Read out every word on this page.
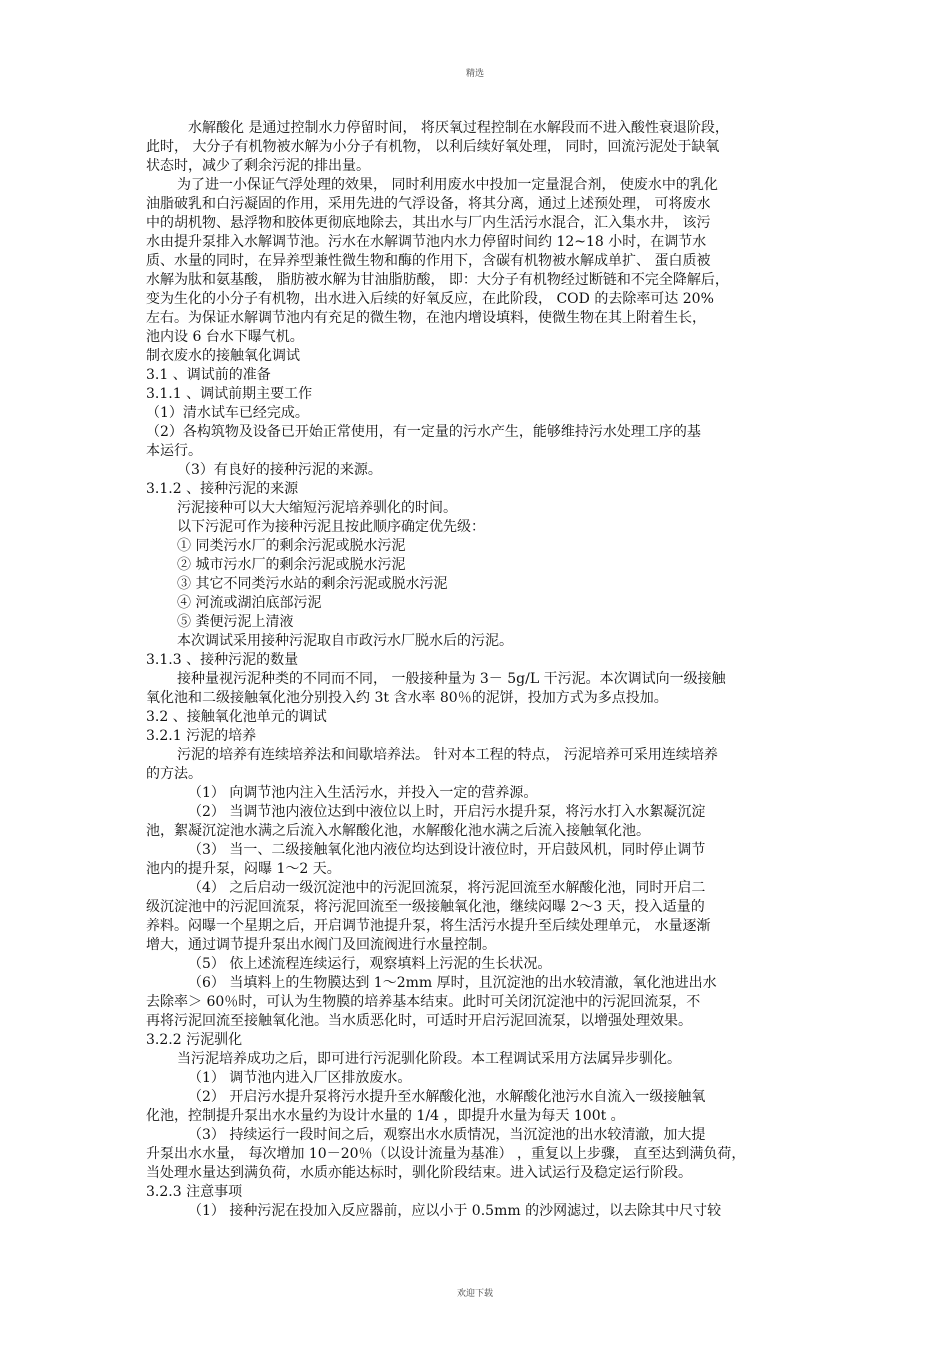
精选
水解酸化 是通过控制水力停留时间， 将厌氧过程控制在水解段而不进入酸性衰退阶段，
此时， 大分子有机物被水解为小分子有机物， 以利后续好氧处理， 同时，回流污泥处于缺氧
状态时，减少了剩余污泥的排出量。
为了进一小保证气浮处理的效果， 同时利用废水中投加一定量混合剂， 使废水中的乳化
油脂破乳和白污凝固的作用，采用先进的气浮设备，将其分离，通过上述预处理， 可将废水
中的胡机物、悬浮物和胶体更彻底地除去，其出水与厂内生活污水混合，汇入集水井， 该污
水由提升泵排入水解调节池。污水在水解调节池内水力停留时间约 12~18 小时，在调节水
质、水量的同时，在异养型兼性微生物和酶的作用下，含碳有机物被水解成单扩、 蛋白质被
水解为肽和氨基酸， 脂肪被水解为甘油脂肪酸， 即：大分子有机物经过断链和不完全降解后，
变为生化的小分子有机物，出水进入后续的好氧反应，在此阶段， COD 的去除率可达 20%
左右。为保证水解调节池内有充足的微生物，在池内增设填料，使微生物在其上附着生长，
池内设 6 台水下曝气机。
制衣废水的接触氧化调试
3.1 、调试前的准备
3.1.1 、调试前期主要工作
（1）清水试车已经完成。
（2）各构筑物及设备已开始正常使用，有一定量的污水产生，能够维持污水处理工序的基
本运行。
（3）有良好的接种污泥的来源。
3.1.2 、接种污泥的来源
污泥接种可以大大缩短污泥培养驯化的时间。
以下污泥可作为接种污泥且按此顺序确定优先级：
① 同类污水厂的剩余污泥或脱水污泥
② 城市污水厂的剩余污泥或脱水污泥
③ 其它不同类污水站的剩余污泥或脱水污泥
④ 河流或湖泊底部污泥
⑤ 粪便污泥上清液
本次调试采用接种污泥取自市政污水厂脱水后的污泥。
3.1.3 、接种污泥的数量
接种量视污泥种类的不同而不同， 一般接种量为 3－ 5g/L 干污泥。本次调试向一级接触
氧化池和二级接触氧化池分别投入约 3t 含水率 80％的泥饼，投加方式为多点投加。
3.2 、接触氧化池单元的调试
3.2.1 污泥的培养
污泥的培养有连续培养法和间歇培养法。 针对本工程的特点， 污泥培养可采用连续培养
的方法。
（1） 向调节池内注入生活污水，并投入一定的营养源。
（2） 当调节池内液位达到中液位以上时，开启污水提升泵，将污水打入水絮凝沉淀
池，絮凝沉淀池水满之后流入水解酸化池，水解酸化池水满之后流入接触氧化池。
（3） 当一、二级接触氧化池内液位均达到设计液位时，开启鼓风机，同时停止调节
池内的提升泵，闷曝 1～2 天。
（4） 之后启动一级沉淀池中的污泥回流泵，将污泥回流至水解酸化池，同时开启二
级沉淀池中的污泥回流泵，将污泥回流至一级接触氧化池，继续闷曝 2～3 天，投入适量的
养料。闷曝一个星期之后，开启调节池提升泵，将生活污水提升至后续处理单元， 水量逐渐
增大，通过调节提升泵出水阀门及回流阀进行水量控制。
（5） 依上述流程连续运行，观察填料上污泥的生长状况。
（6） 当填料上的生物膜达到 1～2mm 厚时，且沉淀池的出水较清澈，氧化池进出水
去除率＞ 60％时，可认为生物膜的培养基本结束。此时可关闭沉淀池中的污泥回流泵，不
再将污泥回流至接触氧化池。当水质恶化时，可适时开启污泥回流泵，以增强处理效果。
3.2.2 污泥驯化
当污泥培养成功之后，即可进行污泥驯化阶段。本工程调试采用方法属异步驯化。
（1） 调节池内进入厂区排放废水。
（2） 开启污水提升泵将污水提升至水解酸化池，水解酸化池污水自流入一级接触氧
化池，控制提升泵出水水量约为设计水量的 1/4 ，即提升水量为每天 100t 。
（3） 持续运行一段时间之后，观察出水水质情况，当沉淀池的出水较清澈，加大提
升泵出水水量， 每次增加 10－20％（以设计流量为基准） ，重复以上步骤， 直至达到满负荷，
当处理水量达到满负荷，水质亦能达标时，驯化阶段结束。进入试运行及稳定运行阶段。
3.2.3 注意事项
（1） 接种污泥在投加入反应器前，应以小于 0.5mm 的沙网滤过，以去除其中尺寸较
欢迎下载
